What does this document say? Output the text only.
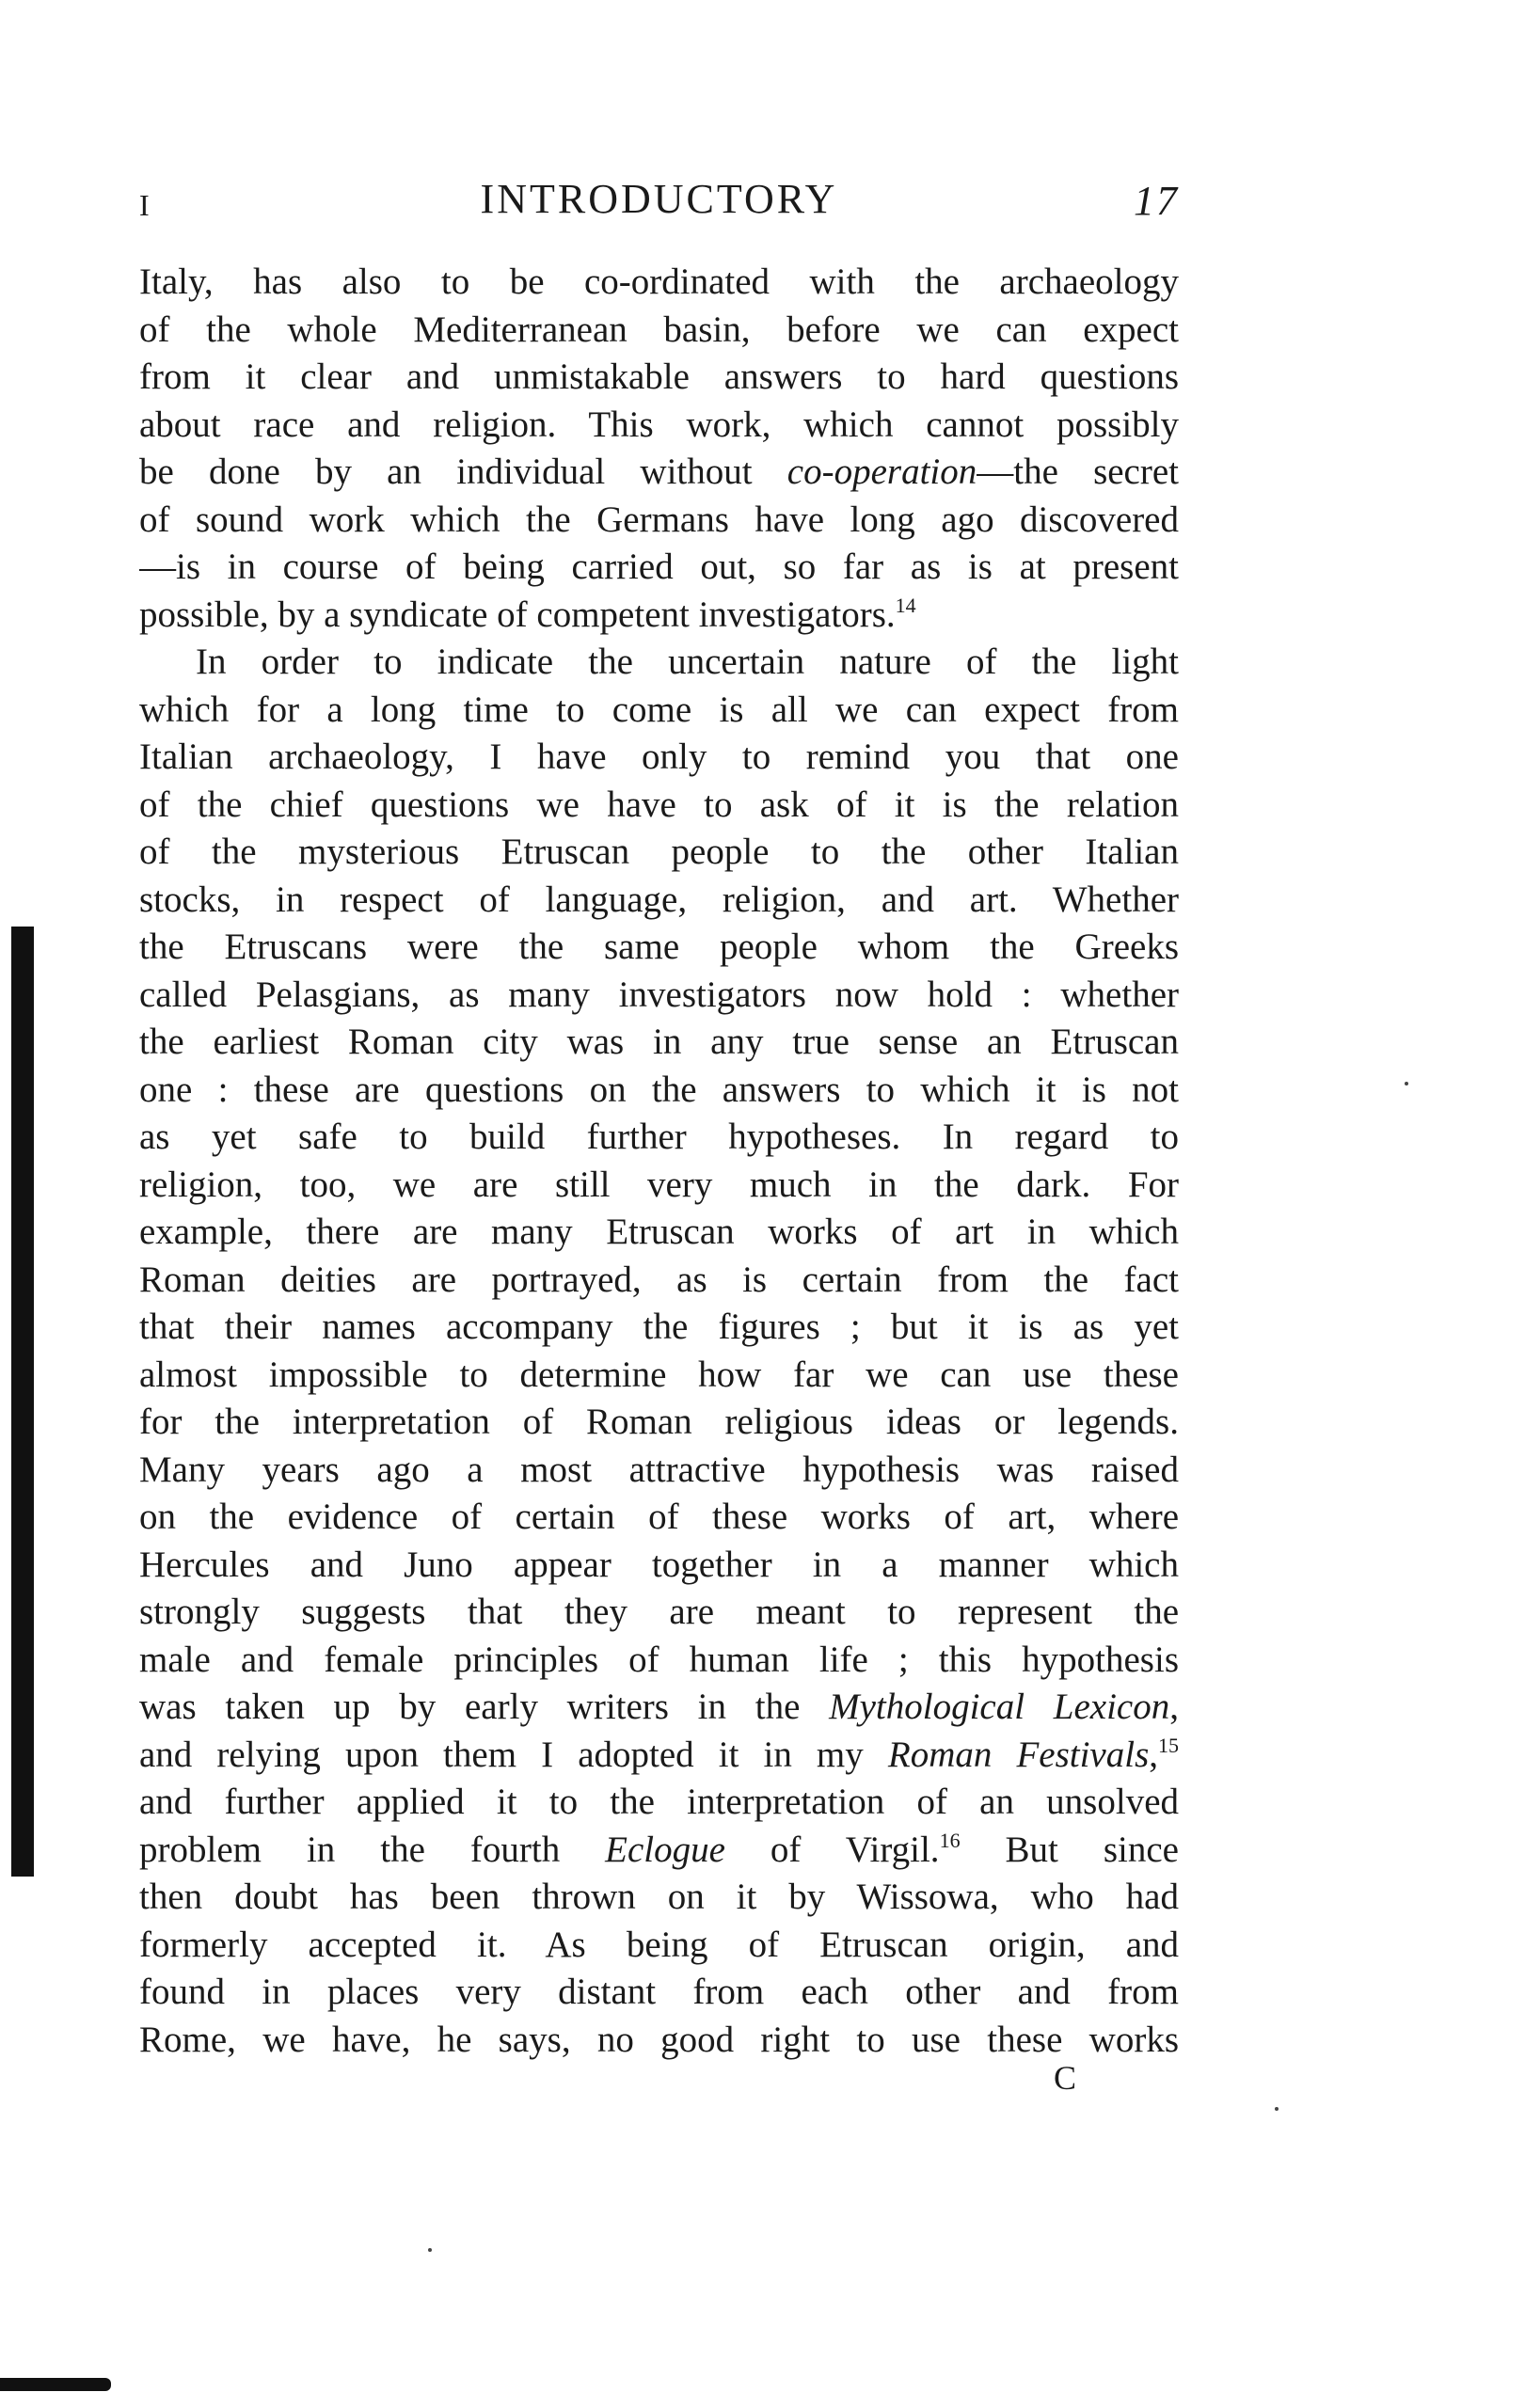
I	INTRODUCTORY	17
Italy, has also to be co-ordinated with the archaeology
of the whole Mediterranean basin, before we can expect
from it clear and unmistakable answers to hard questions
about race and religion. This work, which cannot possibly
be done by an individual without co-operation—the secret
of sound work which the Germans have long ago discovered
—is in course of being carried out, so far as is at present
possible, by a syndicate of competent investigators.$^{14}$
In order to indicate the uncertain nature of the light
which for a long time to come is all we can expect from
Italian archaeology, I have only to remind you that one
of the chief questions we have to ask of it is the relation
of the mysterious Etruscan people to the other Italian
stocks, in respect of language, religion, and art. Whether
the Etruscans were the same people whom the Greeks
called Pelasgians, as many investigators now hold : whether
the earliest Roman city was in any true sense an Etruscan
one : these are questions on the answers to which it is not
as yet safe to build further hypotheses. In regard to
religion, too, we are still very much in the dark. For
example, there are many Etruscan works of art in which
Roman deities are portrayed, as is certain from the fact
that their names accompany the figures ; but it is as yet
almost impossible to determine how far we can use these
for the interpretation of Roman religious ideas or legends.
Many years ago a most attractive hypothesis was raised
on the evidence of certain of these works of art, where
Hercules and Juno appear together in a manner which
strongly suggests that they are meant to represent the
male and female principles of human life ; this hypothesis
was taken up by early writers in the Mythological Lexicon,
and relying upon them I adopted it in my Roman Festivals,$^{15}$
and further applied it to the interpretation of an unsolved
problem in the fourth Eclogue of Virgil.$^{16}$ But since
then doubt has been thrown on it by Wissowa, who had
formerly accepted it. As being of Etruscan origin, and
found in places very distant from each other and from
Rome, we have, he says, no good right to use these works
C
